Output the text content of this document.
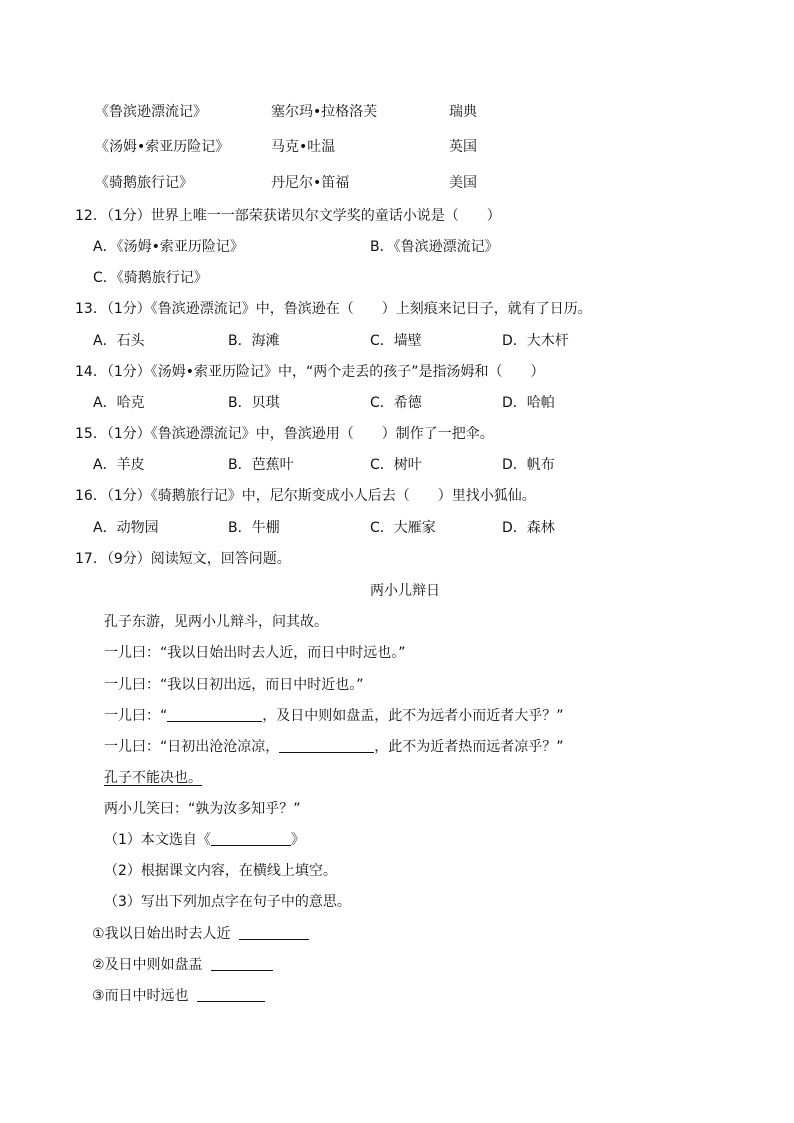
《鲁滨逊漂流记》	塞尔玛•拉格洛芙	瑞典
《汤姆•索亚历险记》	马克•吐温	英国
《骑鹅旅行记》	丹尼尔•笛福	美国
12．（1分）世界上唯一一部荣获诺贝尔文学奖的童话小说是（　　）
A．《汤姆•索亚历险记》	B．《鲁滨逊漂流记》
C．《骑鹅旅行记》
13．（1分）《鲁滨逊漂流记》中，鲁滨逊在（　　）上刻痕来记日子，就有了日历。
A．石头	B．海滩	C．墙壁	D．大木杆
14．（1分）《汤姆•索亚历险记》中，“两个走丢的孩子”是指汤姆和（　　）
A．哈克	B．贝琪	C．希德	D．哈帕
15．（1分）《鲁滨逊漂流记》中，鲁滨逊用（　　）制作了一把伞。
A．羊皮	B．芭蕉叶	C．树叶	D．帆布
16．（1分）《骑鹅旅行记》中，尼尔斯变成小人后去（　　）里找小狐仙。
A．动物园	B．牛棚	C．大雁家	D．森林
17．（9分）阅读短文，回答问题。
两小儿辩日
孔子东游，见两小儿辩斗，问其故。
一儿曰：“我以日始出时去人近，而日中时远也。”
一儿曰：“我以日初出远，而日中时近也。”
一儿曰：“	，及日中则如盘盂，此不为远者小而近者大乎？”
一儿曰：“日初出沧沧凉凉，	，此不为近者热而远者凉乎？”
孔子不能决也。
两小儿笑曰：“孰为汝多知乎？”
（1）本文选自《	》
（2）根据课文内容，在横线上填空。
（3）写出下列加点字在句子中的意思。
①我以日始出时去人近
②及日中则如盘盂
③而日中时远也
